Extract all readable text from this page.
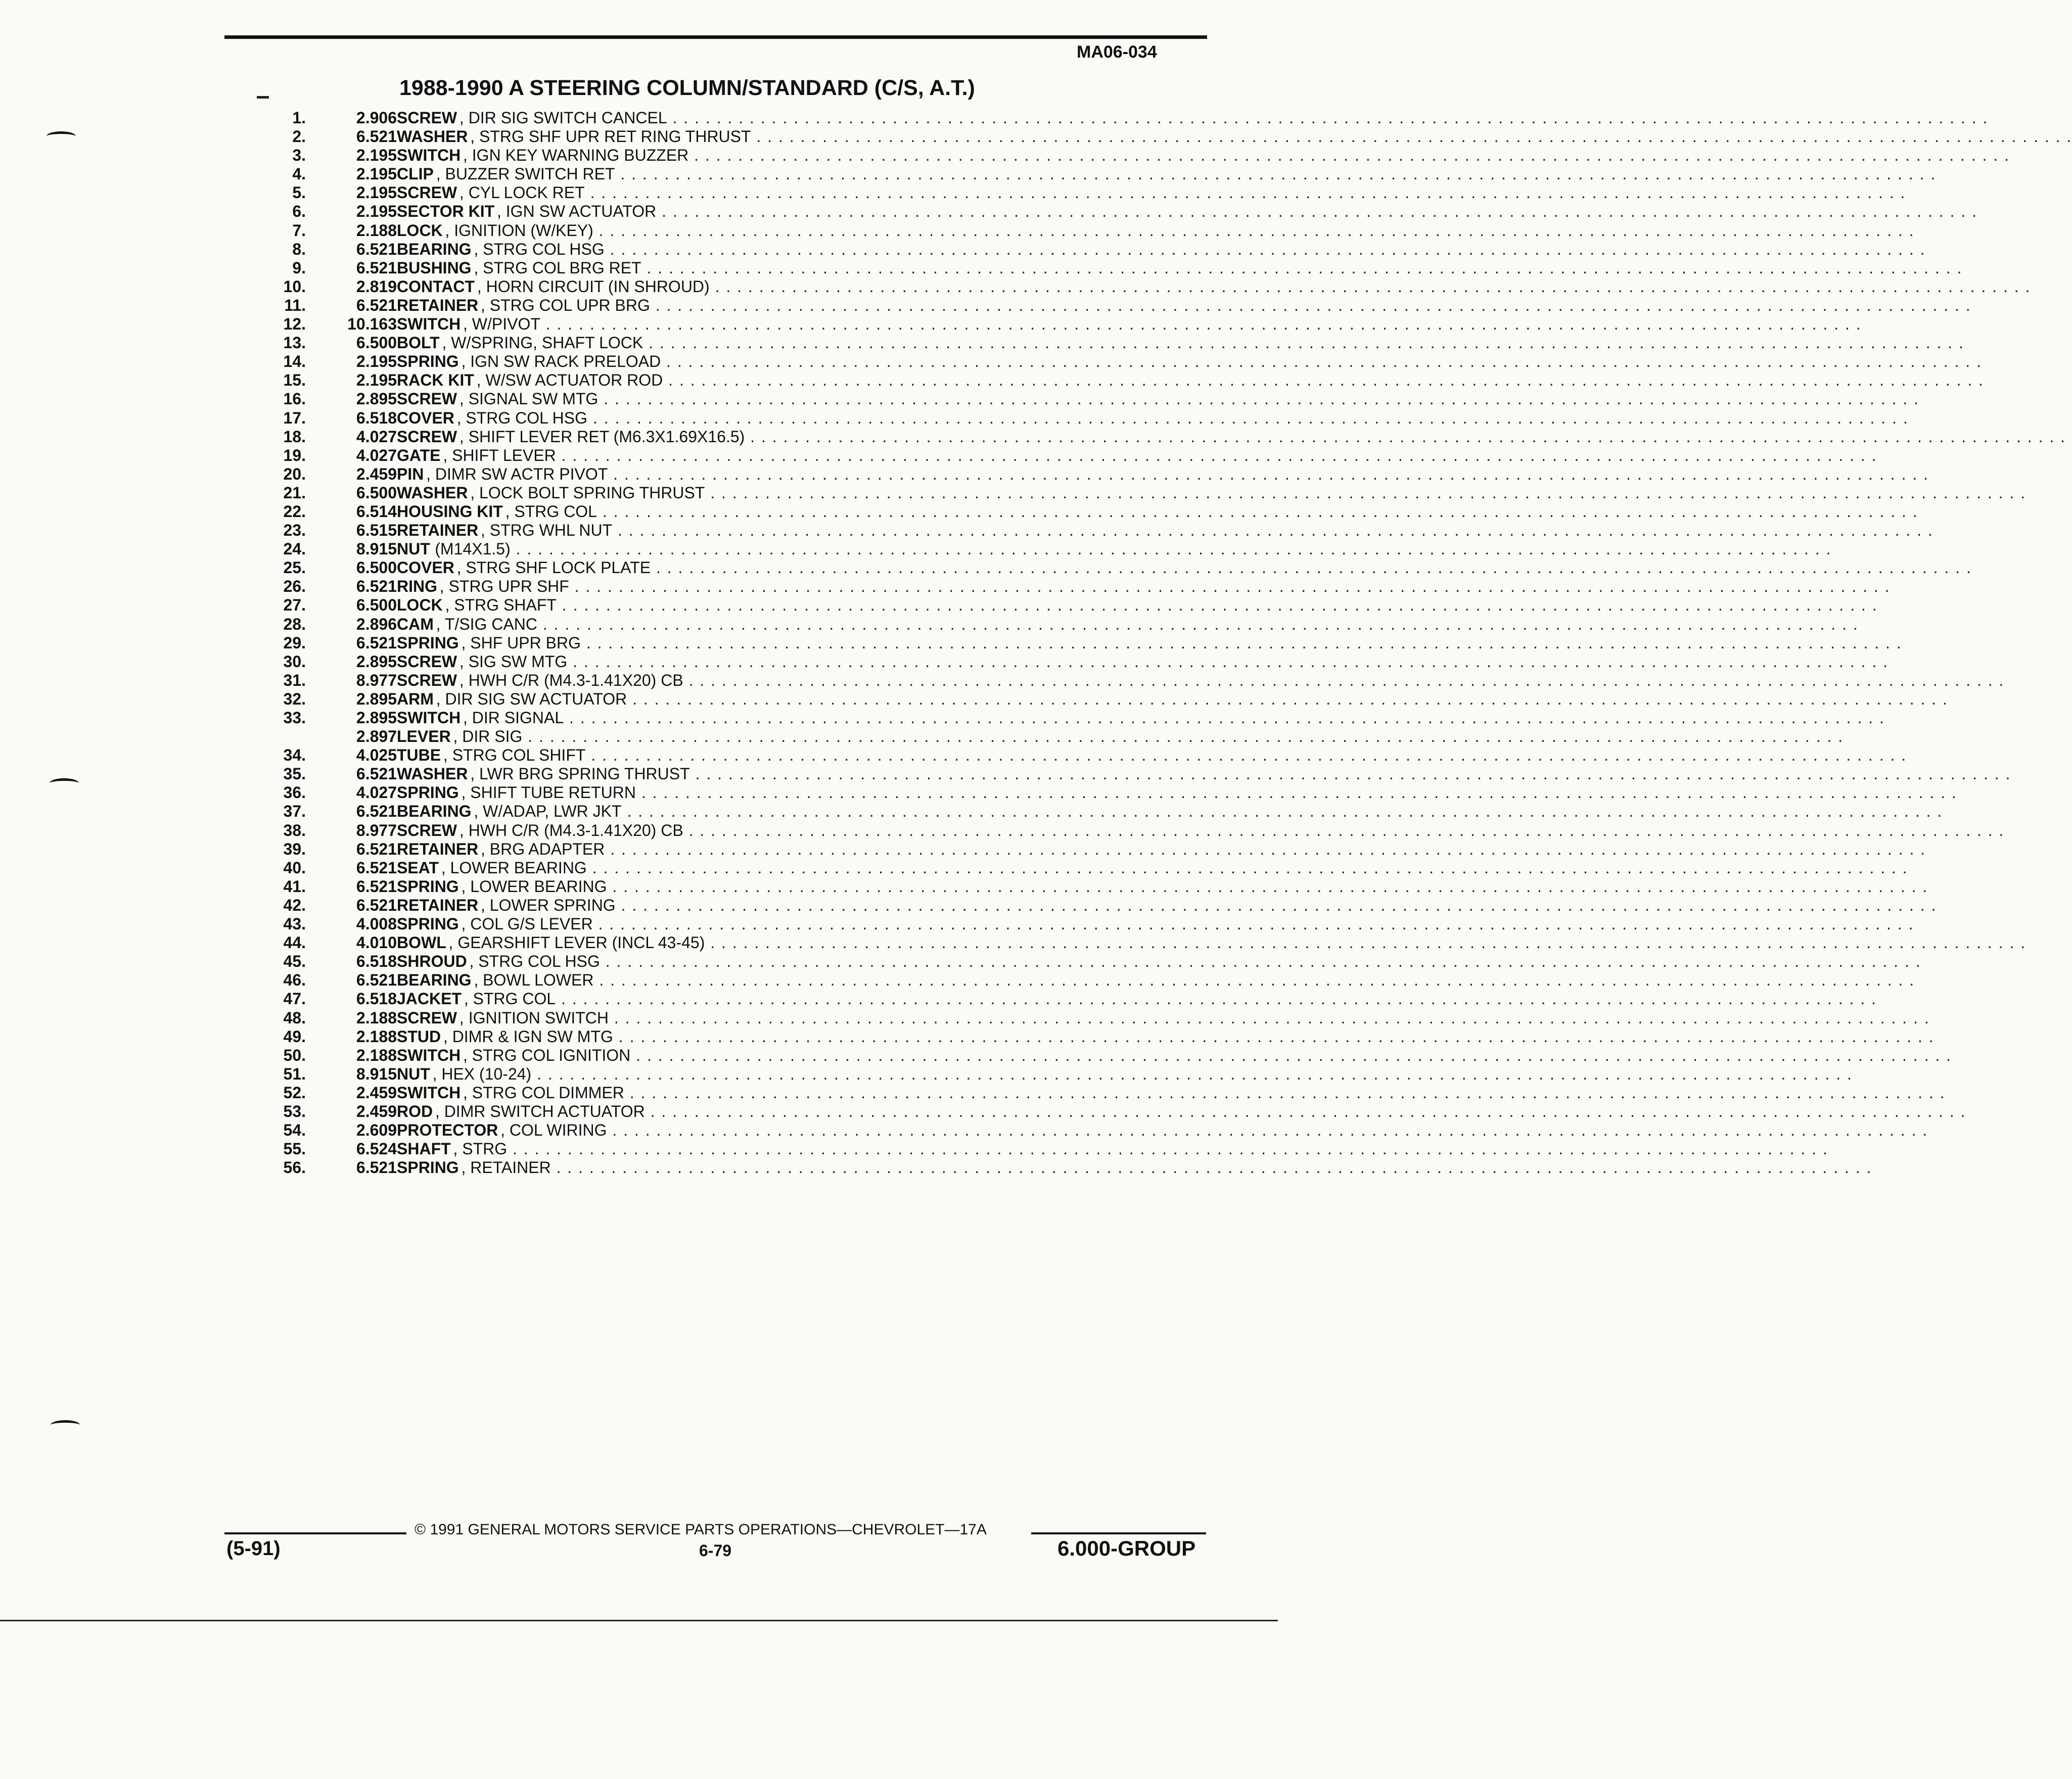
MA06-034
1988-1990 A STEERING COLUMN/STANDARD (C/S, A.T.)
1.	2.906 SCREW , DIR SIG SWITCH CANCEL . . . . . . . . . . . . . . . . . . . . . . . . . . . . . . . . . . . . . . . . . . . . . . . . . . . . . . . . . . . . . . . . . . . . . . . . . . . . . . . . . . . . . . . . . . . . . . . . . . . . . . . . . . . . . . . . . . . . . . . .
2.	6.521 WASHER , STRG SHF UPR RET RING THRUST . . . . . . . . . . . . . . . . . . . . . . . . . . . . . . . . . . . . . . . . . . . . . . . . . . . . . . . . . . . . . . . . . . . . . . . . . . . . . . . . . . . . . . . . . . . . . . . . . . . . . . . . . . . . . . . . . . . . . . . .
3.	2.195 SWITCH , IGN KEY WARNING BUZZER . . . . . . . . . . . . . . . . . . . . . . . . . . . . . . . . . . . . . . . . . . . . . . . . . . . . . . . . . . . . . . . . . . . . . . . . . . . . . . . . . . . . . . . . . . . . . . . . . . . . . . . . . . . . . . . . . . . . . . . .
4.	2.195 CLIP , BUZZER SWITCH RET . . . . . . . . . . . . . . . . . . . . . . . . . . . . . . . . . . . . . . . . . . . . . . . . . . . . . . . . . . . . . . . . . . . . . . . . . . . . . . . . . . . . . . . . . . . . . . . . . . . . . . . . . . . . . . . . . . . . . . . .
5.	2.195 SCREW , CYL LOCK RET . . . . . . . . . . . . . . . . . . . . . . . . . . . . . . . . . . . . . . . . . . . . . . . . . . . . . . . . . . . . . . . . . . . . . . . . . . . . . . . . . . . . . . . . . . . . . . . . . . . . . . . . . . . . . . . . . . . . . . . .
6.	2.195 SECTOR KIT , IGN SW ACTUATOR . . . . . . . . . . . . . . . . . . . . . . . . . . . . . . . . . . . . . . . . . . . . . . . . . . . . . . . . . . . . . . . . . . . . . . . . . . . . . . . . . . . . . . . . . . . . . . . . . . . . . . . . . . . . . . . . . . . . . . . .
7.	2.188 LOCK , IGNITION (W/KEY) . . . . . . . . . . . . . . . . . . . . . . . . . . . . . . . . . . . . . . . . . . . . . . . . . . . . . . . . . . . . . . . . . . . . . . . . . . . . . . . . . . . . . . . . . . . . . . . . . . . . . . . . . . . . . . . . . . . . . . . .
8.	6.521 BEARING , STRG COL HSG . . . . . . . . . . . . . . . . . . . . . . . . . . . . . . . . . . . . . . . . . . . . . . . . . . . . . . . . . . . . . . . . . . . . . . . . . . . . . . . . . . . . . . . . . . . . . . . . . . . . . . . . . . . . . . . . . . . . . . . .
9.	6.521 BUSHING , STRG COL BRG RET . . . . . . . . . . . . . . . . . . . . . . . . . . . . . . . . . . . . . . . . . . . . . . . . . . . . . . . . . . . . . . . . . . . . . . . . . . . . . . . . . . . . . . . . . . . . . . . . . . . . . . . . . . . . . . . . . . . . . . . .
10.	2.819 CONTACT , HORN CIRCUIT (IN SHROUD) . . . . . . . . . . . . . . . . . . . . . . . . . . . . . . . . . . . . . . . . . . . . . . . . . . . . . . . . . . . . . . . . . . . . . . . . . . . . . . . . . . . . . . . . . . . . . . . . . . . . . . . . . . . . . . . . . . . . . . . .
11.	6.521 RETAINER , STRG COL UPR BRG . . . . . . . . . . . . . . . . . . . . . . . . . . . . . . . . . . . . . . . . . . . . . . . . . . . . . . . . . . . . . . . . . . . . . . . . . . . . . . . . . . . . . . . . . . . . . . . . . . . . . . . . . . . . . . . . . . . . . . . .
12.	10.163 SWITCH , W/PIVOT . . . . . . . . . . . . . . . . . . . . . . . . . . . . . . . . . . . . . . . . . . . . . . . . . . . . . . . . . . . . . . . . . . . . . . . . . . . . . . . . . . . . . . . . . . . . . . . . . . . . . . . . . . . . . . . . . . . . . . . .
13.	6.500 BOLT , W/SPRING, SHAFT LOCK . . . . . . . . . . . . . . . . . . . . . . . . . . . . . . . . . . . . . . . . . . . . . . . . . . . . . . . . . . . . . . . . . . . . . . . . . . . . . . . . . . . . . . . . . . . . . . . . . . . . . . . . . . . . . . . . . . . . . . . .
14.	2.195 SPRING , IGN SW RACK PRELOAD . . . . . . . . . . . . . . . . . . . . . . . . . . . . . . . . . . . . . . . . . . . . . . . . . . . . . . . . . . . . . . . . . . . . . . . . . . . . . . . . . . . . . . . . . . . . . . . . . . . . . . . . . . . . . . . . . . . . . . . .
15.	2.195 RACK KIT , W/SW ACTUATOR ROD . . . . . . . . . . . . . . . . . . . . . . . . . . . . . . . . . . . . . . . . . . . . . . . . . . . . . . . . . . . . . . . . . . . . . . . . . . . . . . . . . . . . . . . . . . . . . . . . . . . . . . . . . . . . . . . . . . . . . . . .
16.	2.895 SCREW , SIGNAL SW MTG . . . . . . . . . . . . . . . . . . . . . . . . . . . . . . . . . . . . . . . . . . . . . . . . . . . . . . . . . . . . . . . . . . . . . . . . . . . . . . . . . . . . . . . . . . . . . . . . . . . . . . . . . . . . . . . . . . . . . . . .
17.	6.518 COVER , STRG COL HSG . . . . . . . . . . . . . . . . . . . . . . . . . . . . . . . . . . . . . . . . . . . . . . . . . . . . . . . . . . . . . . . . . . . . . . . . . . . . . . . . . . . . . . . . . . . . . . . . . . . . . . . . . . . . . . . . . . . . . . . .
18.	4.027 SCREW , SHIFT LEVER RET (M6.3X1.69X16.5) . . . . . . . . . . . . . . . . . . . . . . . . . . . . . . . . . . . . . . . . . . . . . . . . . . . . . . . . . . . . . . . . . . . . . . . . . . . . . . . . . . . . . . . . . . . . . . . . . . . . . . . . . . . . . . . . . . . . . . . .
19.	4.027 GATE , SHIFT LEVER . . . . . . . . . . . . . . . . . . . . . . . . . . . . . . . . . . . . . . . . . . . . . . . . . . . . . . . . . . . . . . . . . . . . . . . . . . . . . . . . . . . . . . . . . . . . . . . . . . . . . . . . . . . . . . . . . . . . . . . .
20.	2.459 PIN , DIMR SW ACTR PIVOT . . . . . . . . . . . . . . . . . . . . . . . . . . . . . . . . . . . . . . . . . . . . . . . . . . . . . . . . . . . . . . . . . . . . . . . . . . . . . . . . . . . . . . . . . . . . . . . . . . . . . . . . . . . . . . . . . . . . . . . .
21.	6.500 WASHER , LOCK BOLT SPRING THRUST . . . . . . . . . . . . . . . . . . . . . . . . . . . . . . . . . . . . . . . . . . . . . . . . . . . . . . . . . . . . . . . . . . . . . . . . . . . . . . . . . . . . . . . . . . . . . . . . . . . . . . . . . . . . . . . . . . . . . . . .
22.	6.514 HOUSING KIT , STRG COL . . . . . . . . . . . . . . . . . . . . . . . . . . . . . . . . . . . . . . . . . . . . . . . . . . . . . . . . . . . . . . . . . . . . . . . . . . . . . . . . . . . . . . . . . . . . . . . . . . . . . . . . . . . . . . . . . . . . . . . .
23.	6.515 RETAINER , STRG WHL NUT . . . . . . . . . . . . . . . . . . . . . . . . . . . . . . . . . . . . . . . . . . . . . . . . . . . . . . . . . . . . . . . . . . . . . . . . . . . . . . . . . . . . . . . . . . . . . . . . . . . . . . . . . . . . . . . . . . . . . . . .
24.	8.915 NUT (M14X1.5) . . . . . . . . . . . . . . . . . . . . . . . . . . . . . . . . . . . . . . . . . . . . . . . . . . . . . . . . . . . . . . . . . . . . . . . . . . . . . . . . . . . . . . . . . . . . . . . . . . . . . . . . . . . . . . . . . . . . . . . .
25.	6.500 COVER , STRG SHF LOCK PLATE . . . . . . . . . . . . . . . . . . . . . . . . . . . . . . . . . . . . . . . . . . . . . . . . . . . . . . . . . . . . . . . . . . . . . . . . . . . . . . . . . . . . . . . . . . . . . . . . . . . . . . . . . . . . . . . . . . . . . . . .
26.	6.521 RING , STRG UPR SHF . . . . . . . . . . . . . . . . . . . . . . . . . . . . . . . . . . . . . . . . . . . . . . . . . . . . . . . . . . . . . . . . . . . . . . . . . . . . . . . . . . . . . . . . . . . . . . . . . . . . . . . . . . . . . . . . . . . . . . . .
27.	6.500 LOCK , STRG SHAFT . . . . . . . . . . . . . . . . . . . . . . . . . . . . . . . . . . . . . . . . . . . . . . . . . . . . . . . . . . . . . . . . . . . . . . . . . . . . . . . . . . . . . . . . . . . . . . . . . . . . . . . . . . . . . . . . . . . . . . . .
28.	2.896 CAM , T/SIG CANC . . . . . . . . . . . . . . . . . . . . . . . . . . . . . . . . . . . . . . . . . . . . . . . . . . . . . . . . . . . . . . . . . . . . . . . . . . . . . . . . . . . . . . . . . . . . . . . . . . . . . . . . . . . . . . . . . . . . . . . .
29.	6.521 SPRING , SHF UPR BRG . . . . . . . . . . . . . . . . . . . . . . . . . . . . . . . . . . . . . . . . . . . . . . . . . . . . . . . . . . . . . . . . . . . . . . . . . . . . . . . . . . . . . . . . . . . . . . . . . . . . . . . . . . . . . . . . . . . . . . . .
30.	2.895 SCREW , SIG SW MTG . . . . . . . . . . . . . . . . . . . . . . . . . . . . . . . . . . . . . . . . . . . . . . . . . . . . . . . . . . . . . . . . . . . . . . . . . . . . . . . . . . . . . . . . . . . . . . . . . . . . . . . . . . . . . . . . . . . . . . . .
31.	8.977 SCREW , HWH C/R (M4.3-1.41X20) CB . . . . . . . . . . . . . . . . . . . . . . . . . . . . . . . . . . . . . . . . . . . . . . . . . . . . . . . . . . . . . . . . . . . . . . . . . . . . . . . . . . . . . . . . . . . . . . . . . . . . . . . . . . . . . . . . . . . . . . . .
32.	2.895 ARM , DIR SIG SW ACTUATOR . . . . . . . . . . . . . . . . . . . . . . . . . . . . . . . . . . . . . . . . . . . . . . . . . . . . . . . . . . . . . . . . . . . . . . . . . . . . . . . . . . . . . . . . . . . . . . . . . . . . . . . . . . . . . . . . . . . . . . . .
33.	2.895 SWITCH , DIR SIGNAL . . . . . . . . . . . . . . . . . . . . . . . . . . . . . . . . . . . . . . . . . . . . . . . . . . . . . . . . . . . . . . . . . . . . . . . . . . . . . . . . . . . . . . . . . . . . . . . . . . . . . . . . . . . . . . . . . . . . . . . .
2.897 LEVER , DIR SIG . . . . . . . . . . . . . . . . . . . . . . . . . . . . . . . . . . . . . . . . . . . . . . . . . . . . . . . . . . . . . . . . . . . . . . . . . . . . . . . . . . . . . . . . . . . . . . . . . . . . . . . . . . . . . . . . . . . . . . . .
34.	4.025 TUBE , STRG COL SHIFT . . . . . . . . . . . . . . . . . . . . . . . . . . . . . . . . . . . . . . . . . . . . . . . . . . . . . . . . . . . . . . . . . . . . . . . . . . . . . . . . . . . . . . . . . . . . . . . . . . . . . . . . . . . . . . . . . . . . . . . .
35.	6.521 WASHER , LWR BRG SPRING THRUST . . . . . . . . . . . . . . . . . . . . . . . . . . . . . . . . . . . . . . . . . . . . . . . . . . . . . . . . . . . . . . . . . . . . . . . . . . . . . . . . . . . . . . . . . . . . . . . . . . . . . . . . . . . . . . . . . . . . . . . .
36.	4.027 SPRING , SHIFT TUBE RETURN . . . . . . . . . . . . . . . . . . . . . . . . . . . . . . . . . . . . . . . . . . . . . . . . . . . . . . . . . . . . . . . . . . . . . . . . . . . . . . . . . . . . . . . . . . . . . . . . . . . . . . . . . . . . . . . . . . . . . . . .
37.	6.521 BEARING , W/ADAP, LWR JKT . . . . . . . . . . . . . . . . . . . . . . . . . . . . . . . . . . . . . . . . . . . . . . . . . . . . . . . . . . . . . . . . . . . . . . . . . . . . . . . . . . . . . . . . . . . . . . . . . . . . . . . . . . . . . . . . . . . . . . . .
38.	8.977 SCREW , HWH C/R (M4.3-1.41X20) CB . . . . . . . . . . . . . . . . . . . . . . . . . . . . . . . . . . . . . . . . . . . . . . . . . . . . . . . . . . . . . . . . . . . . . . . . . . . . . . . . . . . . . . . . . . . . . . . . . . . . . . . . . . . . . . . . . . . . . . . .
39.	6.521 RETAINER , BRG ADAPTER . . . . . . . . . . . . . . . . . . . . . . . . . . . . . . . . . . . . . . . . . . . . . . . . . . . . . . . . . . . . . . . . . . . . . . . . . . . . . . . . . . . . . . . . . . . . . . . . . . . . . . . . . . . . . . . . . . . . . . . .
40.	6.521 SEAT , LOWER BEARING . . . . . . . . . . . . . . . . . . . . . . . . . . . . . . . . . . . . . . . . . . . . . . . . . . . . . . . . . . . . . . . . . . . . . . . . . . . . . . . . . . . . . . . . . . . . . . . . . . . . . . . . . . . . . . . . . . . . . . . .
41.	6.521 SPRING , LOWER BEARING . . . . . . . . . . . . . . . . . . . . . . . . . . . . . . . . . . . . . . . . . . . . . . . . . . . . . . . . . . . . . . . . . . . . . . . . . . . . . . . . . . . . . . . . . . . . . . . . . . . . . . . . . . . . . . . . . . . . . . . .
42.	6.521 RETAINER , LOWER SPRING . . . . . . . . . . . . . . . . . . . . . . . . . . . . . . . . . . . . . . . . . . . . . . . . . . . . . . . . . . . . . . . . . . . . . . . . . . . . . . . . . . . . . . . . . . . . . . . . . . . . . . . . . . . . . . . . . . . . . . . .
43.	4.008 SPRING , COL G/S LEVER . . . . . . . . . . . . . . . . . . . . . . . . . . . . . . . . . . . . . . . . . . . . . . . . . . . . . . . . . . . . . . . . . . . . . . . . . . . . . . . . . . . . . . . . . . . . . . . . . . . . . . . . . . . . . . . . . . . . . . . .
44.	4.010 BOWL , GEARSHIFT LEVER (INCL 43-45) . . . . . . . . . . . . . . . . . . . . . . . . . . . . . . . . . . . . . . . . . . . . . . . . . . . . . . . . . . . . . . . . . . . . . . . . . . . . . . . . . . . . . . . . . . . . . . . . . . . . . . . . . . . . . . . . . . . . . . . .
45.	6.518 SHROUD , STRG COL HSG . . . . . . . . . . . . . . . . . . . . . . . . . . . . . . . . . . . . . . . . . . . . . . . . . . . . . . . . . . . . . . . . . . . . . . . . . . . . . . . . . . . . . . . . . . . . . . . . . . . . . . . . . . . . . . . . . . . . . . . .
46.	6.521 BEARING , BOWL LOWER . . . . . . . . . . . . . . . . . . . . . . . . . . . . . . . . . . . . . . . . . . . . . . . . . . . . . . . . . . . . . . . . . . . . . . . . . . . . . . . . . . . . . . . . . . . . . . . . . . . . . . . . . . . . . . . . . . . . . . . .
47.	6.518 JACKET , STRG COL . . . . . . . . . . . . . . . . . . . . . . . . . . . . . . . . . . . . . . . . . . . . . . . . . . . . . . . . . . . . . . . . . . . . . . . . . . . . . . . . . . . . . . . . . . . . . . . . . . . . . . . . . . . . . . . . . . . . . . . .
48.	2.188 SCREW , IGNITION SWITCH . . . . . . . . . . . . . . . . . . . . . . . . . . . . . . . . . . . . . . . . . . . . . . . . . . . . . . . . . . . . . . . . . . . . . . . . . . . . . . . . . . . . . . . . . . . . . . . . . . . . . . . . . . . . . . . . . . . . . . . .
49.	2.188 STUD , DIMR & IGN SW MTG . . . . . . . . . . . . . . . . . . . . . . . . . . . . . . . . . . . . . . . . . . . . . . . . . . . . . . . . . . . . . . . . . . . . . . . . . . . . . . . . . . . . . . . . . . . . . . . . . . . . . . . . . . . . . . . . . . . . . . . .
50.	2.188 SWITCH , STRG COL IGNITION . . . . . . . . . . . . . . . . . . . . . . . . . . . . . . . . . . . . . . . . . . . . . . . . . . . . . . . . . . . . . . . . . . . . . . . . . . . . . . . . . . . . . . . . . . . . . . . . . . . . . . . . . . . . . . . . . . . . . . . .
51.	8.915 NUT , HEX (10-24) . . . . . . . . . . . . . . . . . . . . . . . . . . . . . . . . . . . . . . . . . . . . . . . . . . . . . . . . . . . . . . . . . . . . . . . . . . . . . . . . . . . . . . . . . . . . . . . . . . . . . . . . . . . . . . . . . . . . . . . .
52.	2.459 SWITCH , STRG COL DIMMER . . . . . . . . . . . . . . . . . . . . . . . . . . . . . . . . . . . . . . . . . . . . . . . . . . . . . . . . . . . . . . . . . . . . . . . . . . . . . . . . . . . . . . . . . . . . . . . . . . . . . . . . . . . . . . . . . . . . . . . .
53.	2.459 ROD , DIMR SWITCH ACTUATOR . . . . . . . . . . . . . . . . . . . . . . . . . . . . . . . . . . . . . . . . . . . . . . . . . . . . . . . . . . . . . . . . . . . . . . . . . . . . . . . . . . . . . . . . . . . . . . . . . . . . . . . . . . . . . . . . . . . . . . . .
54.	2.609 PROTECTOR , COL WIRING . . . . . . . . . . . . . . . . . . . . . . . . . . . . . . . . . . . . . . . . . . . . . . . . . . . . . . . . . . . . . . . . . . . . . . . . . . . . . . . . . . . . . . . . . . . . . . . . . . . . . . . . . . . . . . . . . . . . . . . .
55.	6.524 SHAFT , STRG . . . . . . . . . . . . . . . . . . . . . . . . . . . . . . . . . . . . . . . . . . . . . . . . . . . . . . . . . . . . . . . . . . . . . . . . . . . . . . . . . . . . . . . . . . . . . . . . . . . . . . . . . . . . . . . . . . . . . . . .
56.	6.521 SPRING , RETAINER . . . . . . . . . . . . . . . . . . . . . . . . . . . . . . . . . . . . . . . . . . . . . . . . . . . . . . . . . . . . . . . . . . . . . . . . . . . . . . . . . . . . . . . . . . . . . . . . . . . . . . . . . . . . . . . . . . . . . . . .
© 1991 GENERAL MOTORS SERVICE PARTS OPERATIONS—CHEVROLET—17A
(5-91)	6-79	6.000-GROUP
